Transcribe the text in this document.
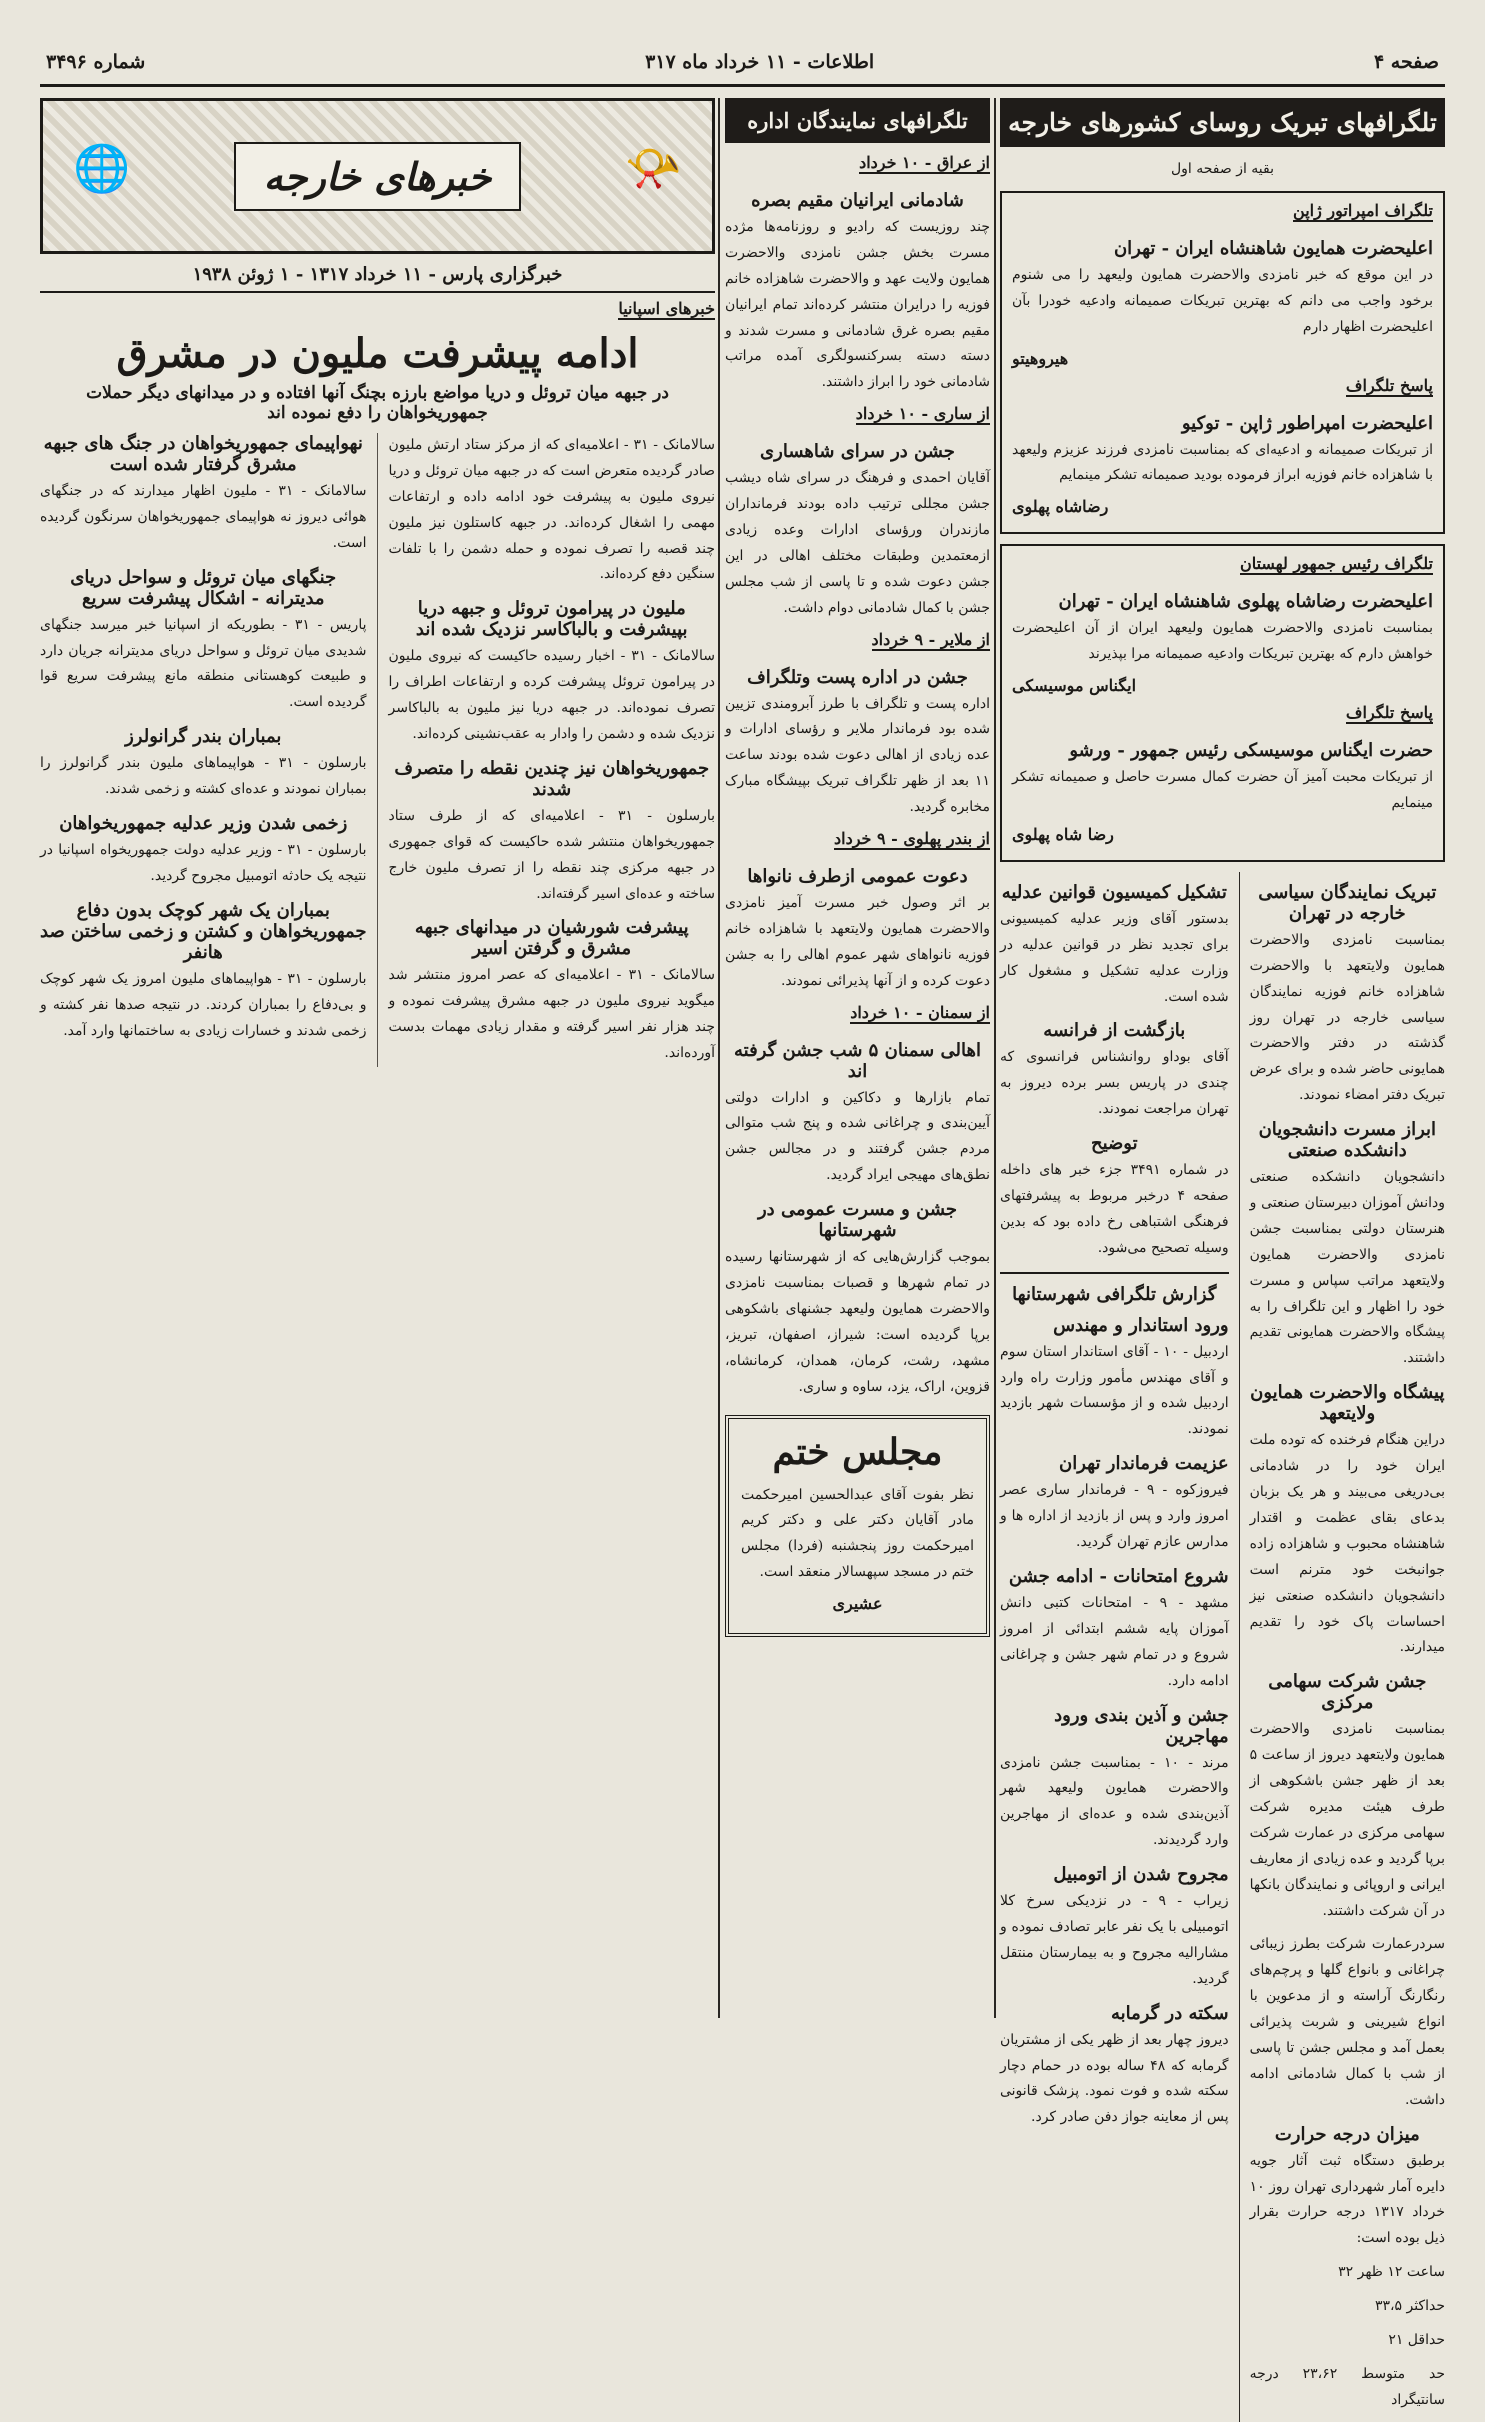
صفحه ۴
اطلاعات - ۱۱ خرداد ماه ۳۱۷
شماره ۳۴۹۶
تلگرافهای تبریک روسای کشورهای خارجه
بقیه از صفحه اول
تلگراف امپراتور ژاپن
اعلیحضرت همایون شاهنشاه ایران - تهران

در این موقع که خبر نامزدی والاحضرت همایون ولیعهد را می شنوم برخود واجب می دانم که بهترین تبریکات صمیمانه وادعیه خودرا بآن اعلیحضرت اظهار دارم

هیروهیتو
پاسخ تلگراف
اعلیحضرت امپراطور ژاپن - توکیو

از تبریکات صمیمانه و ادعیه‌ای که بمناسبت نامزدی فرزند عزیزم ولیعهد با شاهزاده خانم فوزیه ابراز فرموده بودید صمیمانه تشکر مینمایم

رضاشاه پهلوی
تلگراف رئیس جمهور لهستان
اعلیحضرت رضاشاه پهلوی شاهنشاه ایران - تهران

بمناسبت نامزدی والاحضرت همایون ولیعهد ایران از آن اعلیحضرت خواهش دارم که بهترین تبریکات وادعیه صمیمانه مرا بپذیرند

ایگناس موسیسکی
پاسخ تلگراف
حضرت ایگناس موسیسکی رئیس جمهور - ورشو

از تبریکات محبت آمیز آن حضرت کمال مسرت حاصل و صمیمانه تشکر مینمایم

رضا شاه پهلوی
تبریک نمایندگان سیاسی خارجه در تهران

بمناسبت نامزدی والاحضرت همایون ولایتعهد با والاحضرت شاهزاده خانم فوزیه نمایندگان سیاسی خارجه در تهران روز گذشته در دفتر والاحضرت همایونی حاضر شده و برای عرض تبریک دفتر امضاء نمودند.

ابراز مسرت دانشجویان دانشکده صنعتی

دانشجویان دانشکده صنعتی ودانش آموزان دبیرستان صنعتی و هنرستان دولتی بمناسبت جشن نامزدی والاحضرت همایون ولایتعهد مراتب سپاس و مسرت خود را اظهار و این تلگراف را به پیشگاه والاحضرت همایونی تقدیم داشتند.

پیشگاه والاحضرت همایون ولایتعهد

دراین هنگام فرخنده که توده ملت ایران خود را در شادمانی بی‌دریغی می‌بیند و هر یک بزبان بدعای بقای عظمت و اقتدار شاهنشاه محبوب و شاهزاده زاده جوانبخت خود مترنم است دانشجویان دانشکده صنعتی نیز احساسات پاک خود را تقدیم میدارند.

جشن شرکت سهامی مرکزی

بمناسبت نامزدی والاحضرت همایون ولایتعهد دیروز از ساعت ۵ بعد از ظهر جشن باشکوهی از طرف هیئت مدیره شرکت سهامی مرکزی در عمارت شرکت برپا گردید و عده زیادی از معاریف ایرانی و اروپائی و نمایندگان بانکها در آن شرکت داشتند.

سردرعمارت شرکت بطرز زیبائی چراغانی و بانواع گلها و پرچم‌های رنگارنگ آراسته و از مدعوین با انواع شیرینی و شربت پذیرائی بعمل آمد و مجلس جشن تا پاسی از شب با کمال شادمانی ادامه داشت.

میزان درجه حرارت

برطبق دستگاه ثبت آثار جویه دایره آمار شهرداری تهران روز ۱۰ خرداد ۱۳۱۷ درجه حرارت بقرار ذیل بوده است:

ساعت ۱۲ ظهر ۳۲
حداکثر ۳۳،۵
حداقل ۲۱
حد متوسط ۲۳،۶۲ درجه سانتیگراد
تشکیل کمیسیون قوانین عدلیه

بدستور آقای وزیر عدلیه کمیسیونی برای تجدید نظر در قوانین عدلیه در وزارت عدلیه تشکیل و مشغول کار شده است.

بازگشت از فرانسه

آقای بوداو روانشناس فرانسوی که چندی در پاریس بسر برده دیروز به تهران مراجعت نمودند.

توضیح

در شماره ۳۴۹۱ جزء خبر های داخله صفحه ۴ درخبر مربوط به پیشرفتهای فرهنگی اشتباهی رخ داده بود که بدین وسیله تصحیح می‌شود.

گزارش تلگرافی شهرستانها
ورود استاندار و مهندس

اردبیل - ۱۰ - آقای استاندار استان سوم و آقای مهندس مأمور وزارت راه وارد اردبیل شده و از مؤسسات شهر بازدید نمودند.

عزیمت فرماندار تهران

فیروزکوه - ۹ - فرماندار ساری عصر امروز وارد و پس از بازدید از اداره ها و مدارس عازم تهران گردید.

شروع امتحانات - ادامه جشن

مشهد - ۹ - امتحانات کتبی دانش آموزان پایه ششم ابتدائی از امروز شروع و در تمام شهر جشن و چراغانی ادامه دارد.

جشن و آذین بندی ورود مهاجرین

مرند - ۱۰ - بمناسبت جشن نامزدی والاحضرت همایون ولیعهد شهر آذین‌بندی شده و عده‌ای از مهاجرین وارد گردیدند.

مجروح شدن از اتومبیل

زیراب - ۹ - در نزدیکی سرخ کلا اتومبیلی با یک نفر عابر تصادف نموده و مشارالیه مجروح و به بیمارستان منتقل گردید.

سکته در گرمابه

دیروز چهار بعد از ظهر یکی از مشتریان گرمابه که ۴۸ ساله بوده در حمام دچار سکته شده و فوت نمود. پزشک قانونی پس از معاینه جواز دفن صادر کرد.

تلگرافهای نمایندگان اداره
از عراق - ۱۰ خرداد
شادمانی ایرانیان مقیم بصره

چند روزیست که رادیو و روزنامه‌ها مژده مسرت بخش جشن نامزدی والاحضرت همایون ولایت عهد و والاحضرت شاهزاده خانم فوزیه را درایران منتشر کرده‌اند تمام ایرانیان مقیم بصره غرق شادمانی و مسرت شدند و دسته دسته بسرکنسولگری آمده مراتب شادمانی خود را ابراز داشتند.

از ساری - ۱۰ خرداد
جشن در سرای شاهساری

آقایان احمدی و فرهنگ در سرای شاه دیشب جشن مجللی ترتیب داده بودند فرمانداران مازندران ورؤسای ادارات وعده زیادی ازمعتمدین وطبقات مختلف اهالی در این جشن دعوت شده و تا پاسی از شب مجلس جشن با کمال شادمانی دوام داشت.

از ملایر - ۹ خرداد
جشن در اداره پست وتلگراف

اداره پست و تلگراف با طرز آبرومندی تزیین شده بود فرماندار ملایر و رؤسای ادارات و عده زیادی از اهالی دعوت شده بودند ساعت ۱۱ بعد از ظهر تلگراف تبریک بپیشگاه مبارک مخابره گردید.

از بندر پهلوی - ۹ خرداد
دعوت عمومی ازطرف نانواها

بر اثر وصول خبر مسرت آمیز نامزدی والاحضرت همایون ولایتعهد با شاهزاده خانم فوزیه نانواهای شهر عموم اهالی را به جشن دعوت کرده و از آنها پذیرائی نمودند.

از سمنان - ۱۰ خرداد
اهالی سمنان ۵ شب جشن گرفته اند

تمام بازارها و دکاکین و ادارات دولتی آیین‌بندی و چراغانی شده و پنج شب متوالی مردم جشن گرفتند و در مجالس جشن نطق‌های مهیجی ایراد گردید.

جشن و مسرت عمومی در شهرستانها

بموجب گزارش‌هایی که از شهرستانها رسیده در تمام شهرها و قصبات بمناسبت نامزدی والاحضرت همایون ولیعهد جشنهای باشکوهی برپا گردیده است: شیراز، اصفهان، تبریز، مشهد، رشت، کرمان، همدان، کرمانشاه، قزوین، اراک، یزد، ساوه و ساری.

مجلس ختم

نظر بفوت آقای عبدالحسین امیرحکمت مادر آقایان دکتر علی و دکتر کریم امیرحکمت روز پنجشنبه (فردا) مجلس ختم در مسجد سپهسالار منعقد است.

عشیری
📯
🌐	خبرهای خارجه
خبرگزاری پارس - ۱۱ خرداد ۱۳۱۷ - ۱ ژوئن ۱۹۳۸
خبرهای اسپانیا
ادامه پیشرفت ملیون در مشرق
در جبهه میان تروئل و دریا مواضع بارزه بچنگ آنها افتاده و در میدانهای دیگر حملات جمهوریخواهان را دفع نموده اند

سالامانک - ۳۱ - اعلامیه‌ای که از مرکز ستاد ارتش ملیون صادر گردیده متعرض است که در جبهه میان تروئل و دریا نیروی ملیون به پیشرفت خود ادامه داده و ارتفاعات مهمی را اشغال کرده‌اند. در جبهه کاستلون نیز ملیون چند قصبه را تصرف نموده و حمله دشمن را با تلفات سنگین دفع کرده‌اند.

ملیون در پیرامون تروئل و جبهه دریا بپیشرفت و بالباکاسر نزدیک شده اند

سالامانک - ۳۱ - اخبار رسیده حاکیست که نیروی ملیون در پیرامون تروئل پیشرفت کرده و ارتفاعات اطراف را تصرف نموده‌اند. در جبهه دریا نیز ملیون به بالباکاسر نزدیک شده و دشمن را وادار به عقب‌نشینی کرده‌اند.

جمهوریخواهان نیز چندین نقطه را متصرف شدند

بارسلون - ۳۱ - اعلامیه‌ای که از طرف ستاد جمهوریخواهان منتشر شده حاکیست که قوای جمهوری در جبهه مرکزی چند نقطه را از تصرف ملیون خارج ساخته و عده‌ای اسیر گرفته‌اند.

پیشرفت شورشیان در میدانهای جبهه مشرق و گرفتن اسیر

سالامانک - ۳۱ - اعلامیه‌ای که عصر امروز منتشر شد میگوید نیروی ملیون در جبهه مشرق پیشرفت نموده و چند هزار نفر اسیر گرفته و مقدار زیادی مهمات بدست آورده‌اند.

نهواپیمای جمهوریخواهان در جنگ های جبهه مشرق گرفتار شده است

سالامانک - ۳۱ - ملیون اظهار میدارند که در جنگهای هوائی دیروز نه هواپیمای جمهوریخواهان سرنگون گردیده است.

جنگهای میان تروئل و سواحل دریای مدیترانه - اشکال پیشرفت سریع

پاریس - ۳۱ - بطوریکه از اسپانیا خبر میرسد جنگهای شدیدی میان تروئل و سواحل دریای مدیترانه جریان دارد و طبیعت کوهستانی منطقه مانع پیشرفت سریع قوا گردیده است.

بمباران بندر گرانولرز

بارسلون - ۳۱ - هواپیماهای ملیون بندر گرانولرز را بمباران نمودند و عده‌ای کشته و زخمی شدند.

زخمی شدن وزیر عدلیه جمهوریخواهان

بارسلون - ۳۱ - وزیر عدلیه دولت جمهوریخواه اسپانیا در نتیجه یک حادثه اتومبیل مجروح گردید.

بمباران یک شهر کوچک بدون دفاع جمهوریخواهان و کشتن و زخمی ساختن صد هانفر

بارسلون - ۳۱ - هواپیماهای ملیون امروز یک شهر کوچک و بی‌دفاع را بمباران کردند. در نتیجه صدها نفر کشته و زخمی شدند و خسارات زیادی به ساختمانها وارد آمد.
